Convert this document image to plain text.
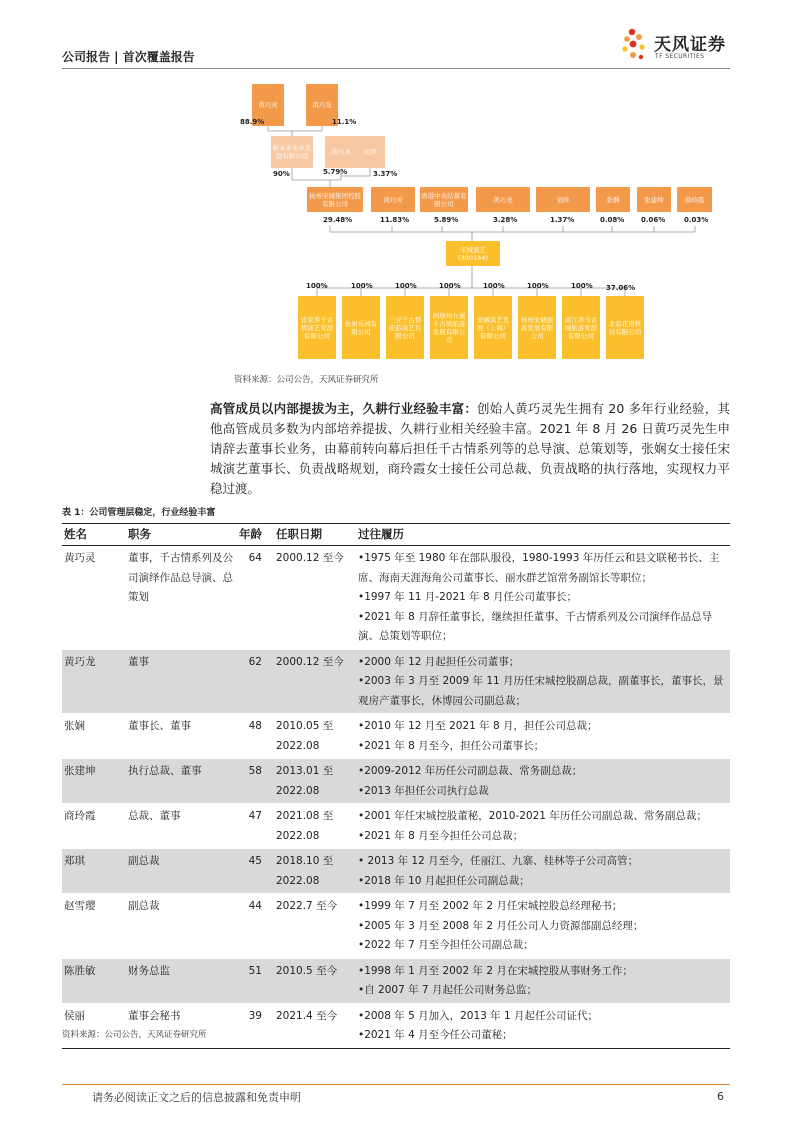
公司报告 | 首次覆盖报告
天风证券
TF SECURITIES
黄巧灵	黄巧龙
88.9%	11.1%
新未来实业发展有限公司	黄巧灵	刘萍
90%	5.79%	3.37%
杭州宋城集团控股有限公司	黄巧灵	香港中央结算有限公司	黄巧龙	刘萍	张娴	张建坤	商玲霞
29.48%	11.83%	5.89%	3.28%	1.37%	0.08% 0.06%	0.03%
宋城演艺
(300144)
100%	100%	100%	100%	100%	100%	100% 37.06%
张家界千古情演艺发展有限公司
杭州乐园有限公司
三亚千古情旅游演艺有限公司
阿坝州九寨千古情旅游发展有限公司
宋城演艺发展（上海）有限公司
杭州宋城旅游发展有限公司
丽江茶马古城旅游发展有限公司
北京花房科技有限公司
资料来源：公司公告，天风证券研究所
高管成员以内部提拔为主，久耕行业经验丰富：创始人黄巧灵先生拥有 20 多年行业经验，其他高管成员多数为内部培养提拔、久耕行业相关经验丰富。2021 年 8 月 26 日黄巧灵先生申请辞去董事长业务，由幕前转向幕后担任千古情系列等的总导演、总策划等，张娴女士接任宋城演艺董事长、负责战略规划，商玲霞女士接任公司总裁、负责战略的执行落地，实现权力平稳过渡。
表 1：公司管理层稳定，行业经验丰富
姓名	职务	年龄	任职日期	过往履历
黄巧灵	董事，千古情系列及公司演绎作品总导演、总策划	64	2000.12 至今	•1975 年至 1980 年在部队服役，1980-1993 年历任云和县文联秘书长、主席、海南天涯海角公司董事长、丽水群艺馆常务副馆长等职位；
•1997 年 11 月-2021 年 8 月任公司董事长；
•2021 年 8 月辞任董事长，继续担任董事、千古情系列及公司演绎作品总导演、总策划等职位；

黄巧龙	董事	62	2000.12 至今	•2000 年 12 月起担任公司董事；
•2003 年 3 月至 2009 年 11 月历任宋城控股副总裁，副董事长，董事长，景观房产董事长，休博园公司副总裁；

张娴	董事长、董事	48	2010.05 至 2022.08	•2010 年 12 月至 2021 年 8 月，担任公司总裁；
•2021 年 8 月至今，担任公司董事长；

张建坤	执行总裁、董事	58	2013.01 至 2022.08	•2009-2012 年历任公司副总裁、常务副总裁；
•2013 年担任公司执行总裁

商玲霞	总裁、董事	47	2021.08 至 2022.08	•2001 年任宋城控股董秘，2010-2021 年历任公司副总裁、常务副总裁；
•2021 年 8 月至今担任公司总裁；

郑琪	副总裁	45	2018.10 至 2022.08	• 2013 年 12 月至今，任丽江、九寨、桂林等子公司高管；
•2018 年 10 月起担任公司副总裁；

赵雪璎	副总裁	44	2022.7 至今	•1999 年 7 月至 2002 年 2 月任宋城控股总经理秘书；
•2005 年 3 月至 2008 年 2 月任公司人力资源部副总经理；
•2022 年 7 月至今担任公司副总裁；

陈胜敏	财务总监	51	2010.5 至今	•1998 年 1 月至 2002 年 2 月在宋城控股从事财务工作；
•自 2007 年 7 月起任公司财务总监；

侯丽	董事会秘书	39	2021.4 至今	•2008 年 5 月加入，2013 年 1 月起任公司证代；
•2021 年 4 月至今任公司董秘；
资料来源：公司公告，天风证券研究所
请务必阅读正文之后的信息披露和免责申明	6
